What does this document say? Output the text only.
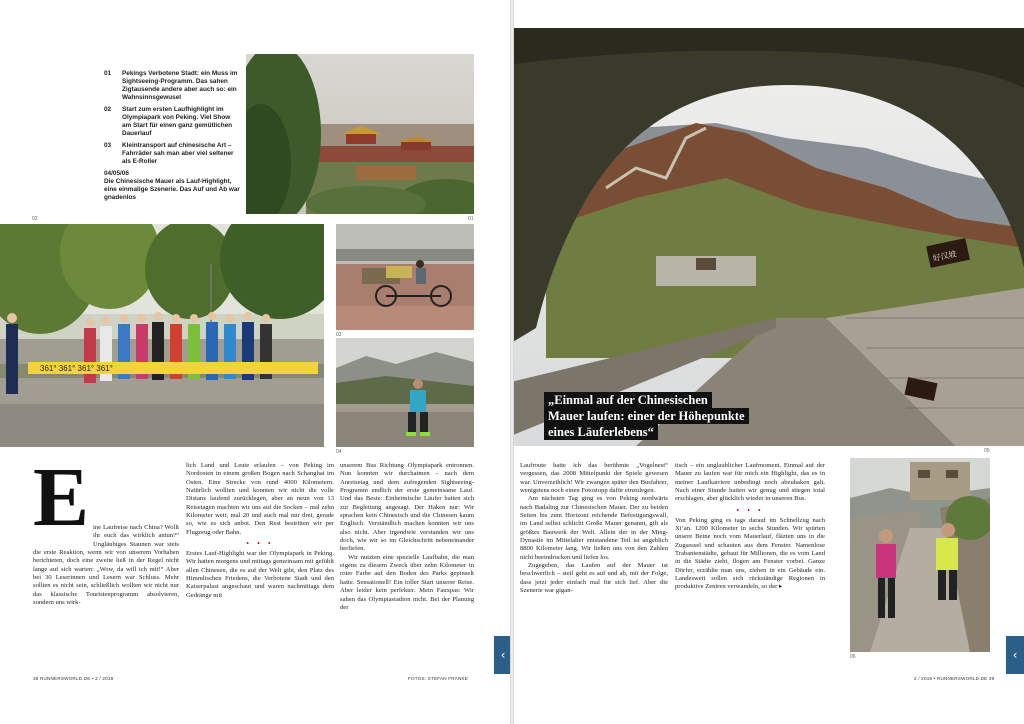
01	Pekings Verbotene Stadt: ein Muss im Sightseeing-Programm. Das sahen Zigtausende andere aber auch so: ein Wahnsinnsgewusel
02	Start zum ersten Laufhighlight im Olympiapark von Peking. Viel Show am Start für einen ganz gemütlichen Dauerlauf
03	Kleintransport auf chinesische Art – Fahrräder sah man aber viel seltener als E-Roller
04/05/06
Die Chinesische Mauer als Lauf-Highlight, eine einmalige Szenerie. Das Auf und Ab war gnadenlos
01
02
361° 361° 361° 361°
03
04
E ine Laufreise nach China? Wollt ihr euch das wirklich antun?“ Ungläubiges Staunen war stets die erste Reaktion, wenn wir von unserem Vorhaben berichteten, doch eine zweite ließ in der Regel nicht lange auf sich warten: „Wow, da will ich mit!“ Aber bei 30 Leserinnen und Lesern war Schluss. Mehr sollten es nicht sein, schließlich wollten wir nicht nur das klassische Touristenprogramm absolvieren, sondern uns wirk-

lich Land und Leute erlaufen – von Peking im Nordosten in einem großen Bogen nach Schanghai im Osten. Eine Strecke von rund 4000 Kilometern. Natürlich wollten und konnten wir nicht die volle Distanz laufend zurücklegen, aber an neun von 13 Reisetagen machten wir uns auf die Socken – mal zehn Kilometer weit, mal 20 und auch mal nur drei, gerade so, wie es sich anbot. Den Rest bestritten wir per Flugzeug oder Bahn.

• • •

Erstes Lauf-Highlight war der Olympiapark in Peking. Wir hatten morgens und mittags gemeinsam mit gefühlt allen Chinesen, die es auf der Welt gibt, den Platz des Himmlischen Friedens, die Verbotene Stadt und den Kaiserpalast angeschaut und waren nachmittags dem Gedränge mit

unserem Bus Richtung Olympiapark entronnen. Nun konnten wir durchatmen – nach dem Anreisetag und dem aufregenden Sightseeing-Programm endlich der erste gemeinsame Lauf. Und das Beste: Einheimische Läufer hatten sich zur Begleitung angesagt. Der Haken nur: Wir sprachen kein Chinesisch und die Chinesen kaum Englisch. Verständlich machen konnten wir uns also nicht. Aber irgendwie verstanden wir uns doch, wie wir so im Gleichschritt nebeneinander herliefen.

Wir nutzten eine spezielle Laufbahn, die man eigens zu diesem Zweck über zehn Kilometer in roter Farbe auf den Boden des Parks gepinselt hatte. Sensationell! Ein toller Start unserer Reise. Aber leider kein perfekter. Mein Fauxpas: Wir sahen das Olympiastadion nicht. Bei der Planung der

‹
38 RUNNERSWORLD.DE • 2 / 2019	FOTOS: STEFAN FRANKE
好汉坡
05
„Einmal auf der Chinesischen
Mauer laufen: einer der Höhepunkte
eines Läuferlebens“

Laufroute hatte ich das berühmte „Vogelnest“ vergessen, das 2008 Mittelpunkt der Spiele gewesen war. Unverzeihlich! Wir zwangen später den Busfahrer, wenigstens noch einen Fotostopp dafür einzulegen.

Am nächsten Tag ging es von Peking nordwärts nach Badaling zur Chinesischen Mauer. Der zu beiden Seiten bis zum Horizont reichende Befestigungswall, im Land selbst schlicht Große Mauer genannt, gilt als größtes Bauwerk der Welt. Allein der in der Ming-Dynastie im Mittelalter entstandene Teil ist angeblich 8800 Kilometer lang. Wir ließen uns von den Zahlen nicht beeindrucken und liefen los.

Zugegeben, das Laufen auf der Mauer ist beschwerlich – steil geht es auf und ab, mit der Folge, dass jetzt jeder einfach mal für sich lief. Aber die Szenerie war gigan-

tisch – ein unglaublicher Laufmoment. Einmal auf der Mauer zu laufen war für mich ein Highlight, das es in meiner Laufkarriere unbedingt noch abzuhaken galt. Nach einer Stunde hatten wir genug und stiegen total erschlagen, aber glücklich wieder in unseren Bus.

• • •

Von Peking ging es tags darauf im Schnellzug nach Xi’an. 1200 Kilometer in sechs Stunden. Wir spürten unsere Beine noch vom Mauerlauf, fläzten uns in die Zugsessel und schauten aus dem Fenster. Namenlose Trabantenstädte, gebaut für Millionen, die es vom Land in die Städte zieht, flogen am Fenster vorbei. Ganze Dörfer, erzählte man uns, ziehen in ein Gebäude ein. Landesweit sollen sich rückständige Regionen in produktive Zentren verwandeln, so der ▸

06	‹
2 / 2019 • RUNNERSWORLD.DE 39
